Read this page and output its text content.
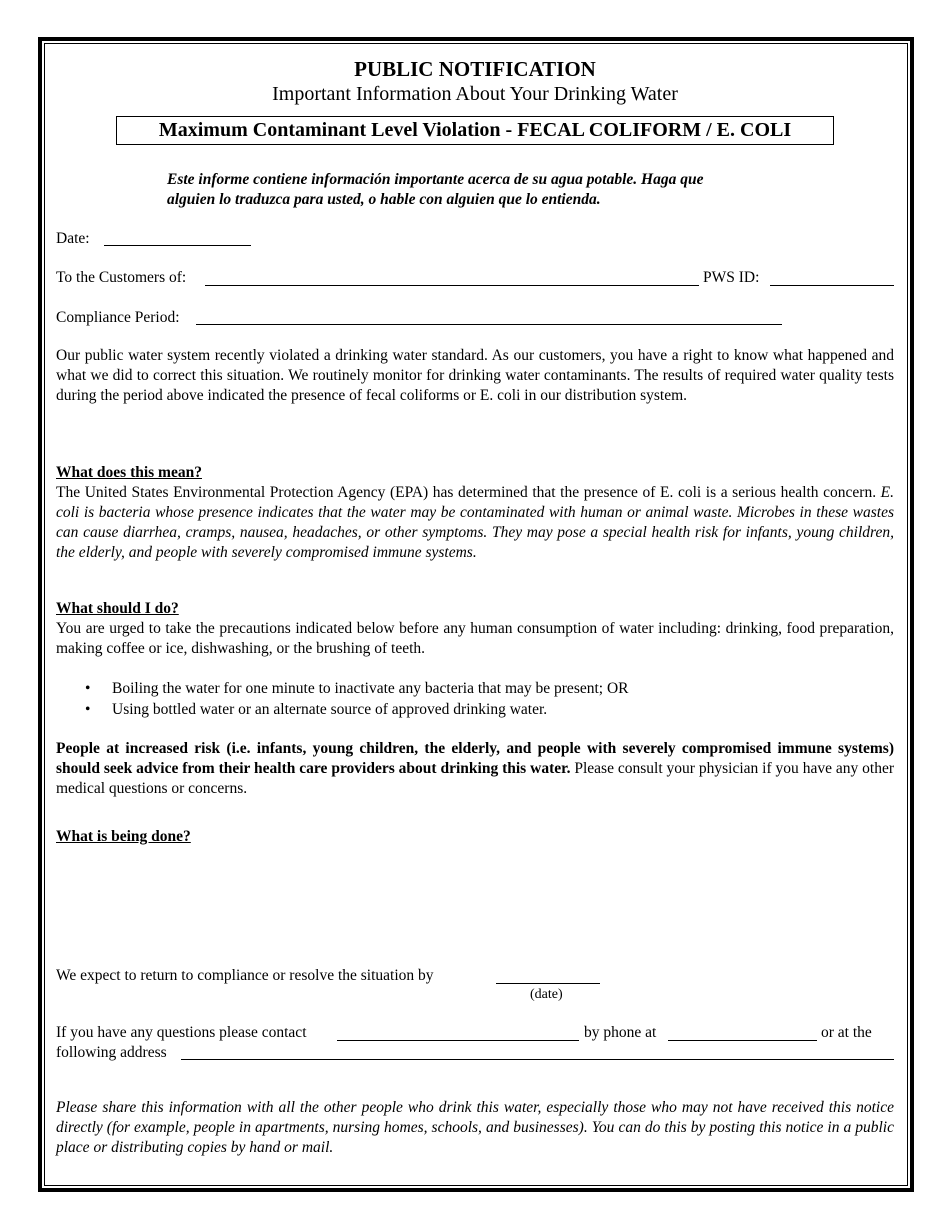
PUBLIC NOTIFICATION
Important Information About Your Drinking Water
Maximum Contaminant Level Violation - FECAL COLIFORM / E. COLI
Este informe contiene información importante acerca de su agua potable. Haga que
alguien lo traduzca para usted, o hable con alguien que lo entienda.
Date:
To the Customers of:	PWS ID:
Compliance Period:
Our public water system recently violated a drinking water standard. As our customers, you have a right to know what happened and what we did to correct this situation. We routinely monitor for drinking water contaminants. The results of required water quality tests during the period above indicated the presence of fecal coliforms or E. coli in our distribution system.
What does this mean?
The United States Environmental Protection Agency (EPA) has determined that the presence of E. coli is a serious health concern. E. coli is bacteria whose presence indicates that the water may be contaminated with human or animal waste. Microbes in these wastes can cause diarrhea, cramps, nausea, headaches, or other symptoms. They may pose a special health risk for infants, young children, the elderly, and people with severely compromised immune systems.
What should I do?
You are urged to take the precautions indicated below before any human consumption of water including: drinking, food preparation, making coffee or ice, dishwashing, or the brushing of teeth.
• Boiling the water for one minute to inactivate any bacteria that may be present; OR
• Using bottled water or an alternate source of approved drinking water.
People at increased risk (i.e. infants, young children, the elderly, and people with severely compromised immune systems) should seek advice from their health care providers about drinking this water. Please consult your physician if you have any other medical questions or concerns.
What is being done?
We expect to return to compliance or resolve the situation by
(date)
If you have any questions please contact	by phone at	or at the
following address
Please share this information with all the other people who drink this water, especially those who may not have received this notice directly (for example, people in apartments, nursing homes, schools, and businesses). You can do this by posting this notice in a public place or distributing copies by hand or mail.
